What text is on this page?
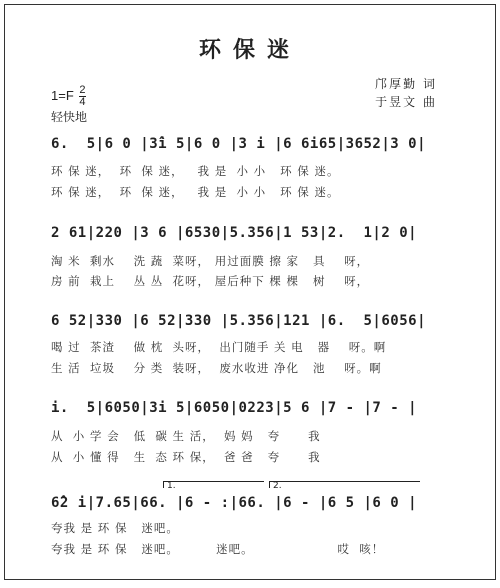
环保迷
$1=F \frac{2}{4}$
轻快地
邝厚勤 词
于昱文 曲
6.  5|6 0 |3̂i 5|6 0 |3 i |6 6i65|3652|3 0|
环 保 迷，  环  保 迷，   我 是  小 小   环 保 迷。
环 保 迷，  环  保 迷，   我 是  小 小   环 保 迷。
2 61|220 |3 6 |6530|5.356|1 53|2.  1|2 0|
淘 米  剩水    洗 蔬  菜呀， 用过面膜 擦 家   具    呀，
房 前  栽上    丛 丛  花呀， 屋后种下 棵 棵   树    呀，
6 52|330 |6 52|330 |5.356|121 |6.  5|6056|
喝 过  茶渣    做 枕  头呀，  出门随手 关 电   器    呀。啊
生 活  垃圾    分 类  装呀，  废水收进 净化   池    呀。啊
i.  5|6050|3i 5|6050|0223|5 6 |7 - |7 - |
从  小 学 会   低  碳 生 活，  妈 妈   夸      我
从  小 懂 得   生  态 环 保，  爸 爸   夸      我
1.	2.
6̂2 i|7.65|66. |6 - :|66. |6 - |6 5 |6 0 |
夸我 是 环 保   迷吧。
夸我 是 环 保   迷吧。        迷吧。                  哎  咳！
